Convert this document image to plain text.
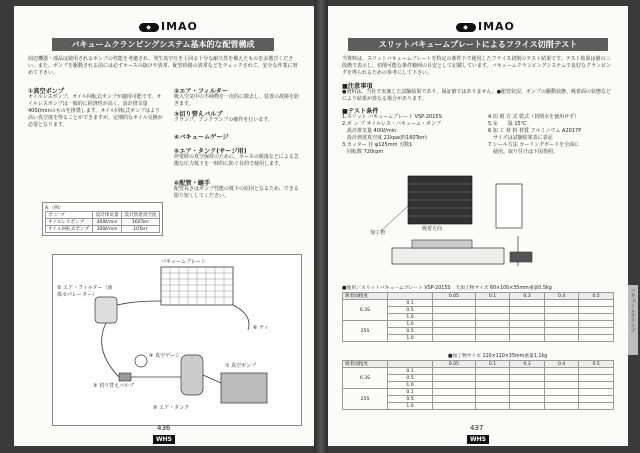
◆ IMAO
バキュームクランピングシステム基本的な配管構成
周辺機器・部品は使用されるポンプの性能を考慮され、発生真空圧を上回る十分な耐久性を備えたものをお選びください。また、ポンプを駆動される前には必ずホースの抜けや異常、配管経路の異常などをチェックされて、安全な作業に努めて下さい。
①真空ポンプ
オイルレスポンプ、オイル回転式ポンプが適用可能です。オイルレスポンプは一般的に経済性が高く、設計排気量400ℓ/minのものを推奨します。オイル回転式ポンプはより高い真空度を得ることができますが、定期的なオイル交換が必要となります。
A.（例）
ポ ン プ	設計排気量	設計到達真空度
オイルレスポンプ	400ℓ/min	160Torr
オイル回転式ポンプ	300ℓ/min	10Torr
②エア・フィルター
吸入空気中の不純物を一次的に除去し、装置の故障を防ぎます。
③切り替えバルブ
クランプ、アンクランプの操作を行います。
④バキュームゲージ
⑤エア・タンク(サージ用)
停電時の真空保持のために、ホースの脱落などによる急激な圧力低下を一時的に防ぐ目的で使用します。
⑥配管・継手
配管長さはポンプ性能の低下の原因となるため、できる限り短くしてください。
バキュームプレート
② エア・フィルター（液体セパレーター）
④ 真空ゲージ
③ 切り替えバルブ
⑤ エア・タンク
① 真空ポンプ
⑥ ティ
436
WHS
◆ IMAO
スリットバキュームプレートによるフライス切削テスト
当資料は、スリットバキュームプレートを特定の条件下で使用したフライス切削のテスト結果です。テスト結果は値の三段階で表示し、切削可能な条件範囲の目安として記載しています。バキュームクランピングシステムで良好なクランピングを得られるための参考にして下さい。
■注意事項
●資料は、当社で実施した試験結果であり、保証値ではありません。●配管状況、ポンプの駆動状態、吸着面の状態などにより結果が異なる場合があります。
■テスト条件
1.スリット バキュームプレート VSP-2015S
2.ポ ン プ オイルレス・バキューム・ポンプ
　設計排気量 400ℓ/min
　設計到達真空度 21kpa(約160Torr)
3.カッター 径 φ125mm 刃数1
　回転数 720rpm
4.切 削 方 式 乾式（切削水を使用せず）
5.室　　温 15℃
6.加 工 材 料 材質 アルミニウム A2017P
　サイズは試験結果表に表記
7.シール方法 カーリングボードを全面に
　使用。取り付けは下図参照。
加工物
吸着方向
■使用／スリットバキュームプレート VSP-2015S　天加工物サイズ 60×100×35mm重量0.5kg
吸着面粗度		0.05	0.1	0.3	0.4	0.5
6.3S	0.1					
	0.5					
	1.0					
25S	1.0					
	0.5					
	1.0					
■加工物サイズ 110×110×35mm重量1.1kg
吸着面粗度		0.05	0.1	0.3	0.4	0.5
6.3S	0.1					
	0.5					
	1.0					
25S	0.1					
	0.5					
	1.0					
437
WHS
バキュームクランプ
